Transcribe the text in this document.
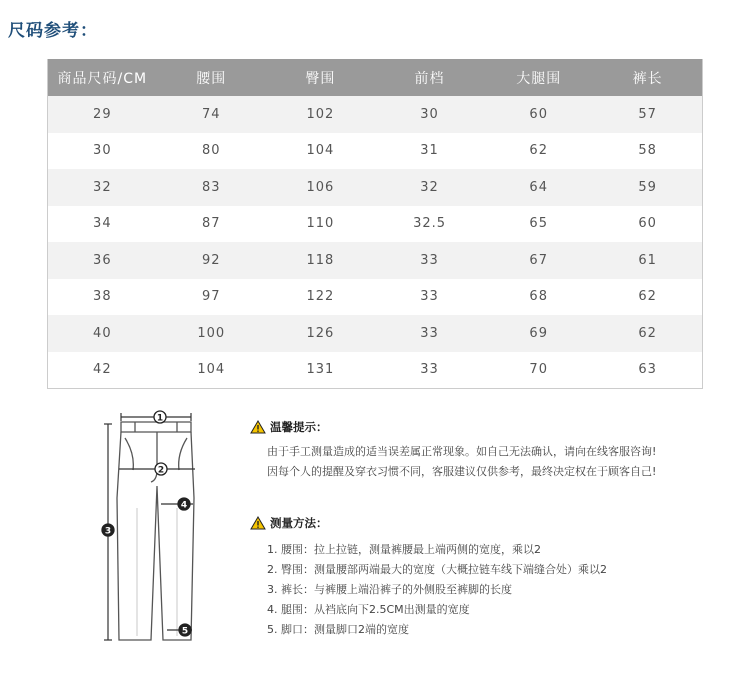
尺码参考：
商品尺码/CM	腰围	臀围	前档	大腿围	裤长
29	74	102	30	60	57
30	80	104	31	62	58
32	83	106	32	64	59
34	87	110	32.5	65	60
36	92	118	33	67	61
38	97	122	33	68	62
40	100	126	33	69	62
42	104	131	33	70	63
1
2
3
4
5
温馨提示：
由于手工测量造成的适当误差属正常现象。如自己无法确认，请向在线客服咨询!
因每个人的提醒及穿衣习惯不同，客服建议仅供参考，最终决定权在于顾客自己!
测量方法：
1. 腰围：拉上拉链，测量裤腰最上端两侧的宽度，乘以2
2. 臀围：测量腰部两端最大的宽度（大概拉链车线下端缝合处）乘以2
3. 裤长：与裤腰上端沿裤子的外侧股至裤脚的长度
4. 腿围：从裆底向下2.5CM出测量的宽度
5. 脚口：测量脚口2端的宽度
